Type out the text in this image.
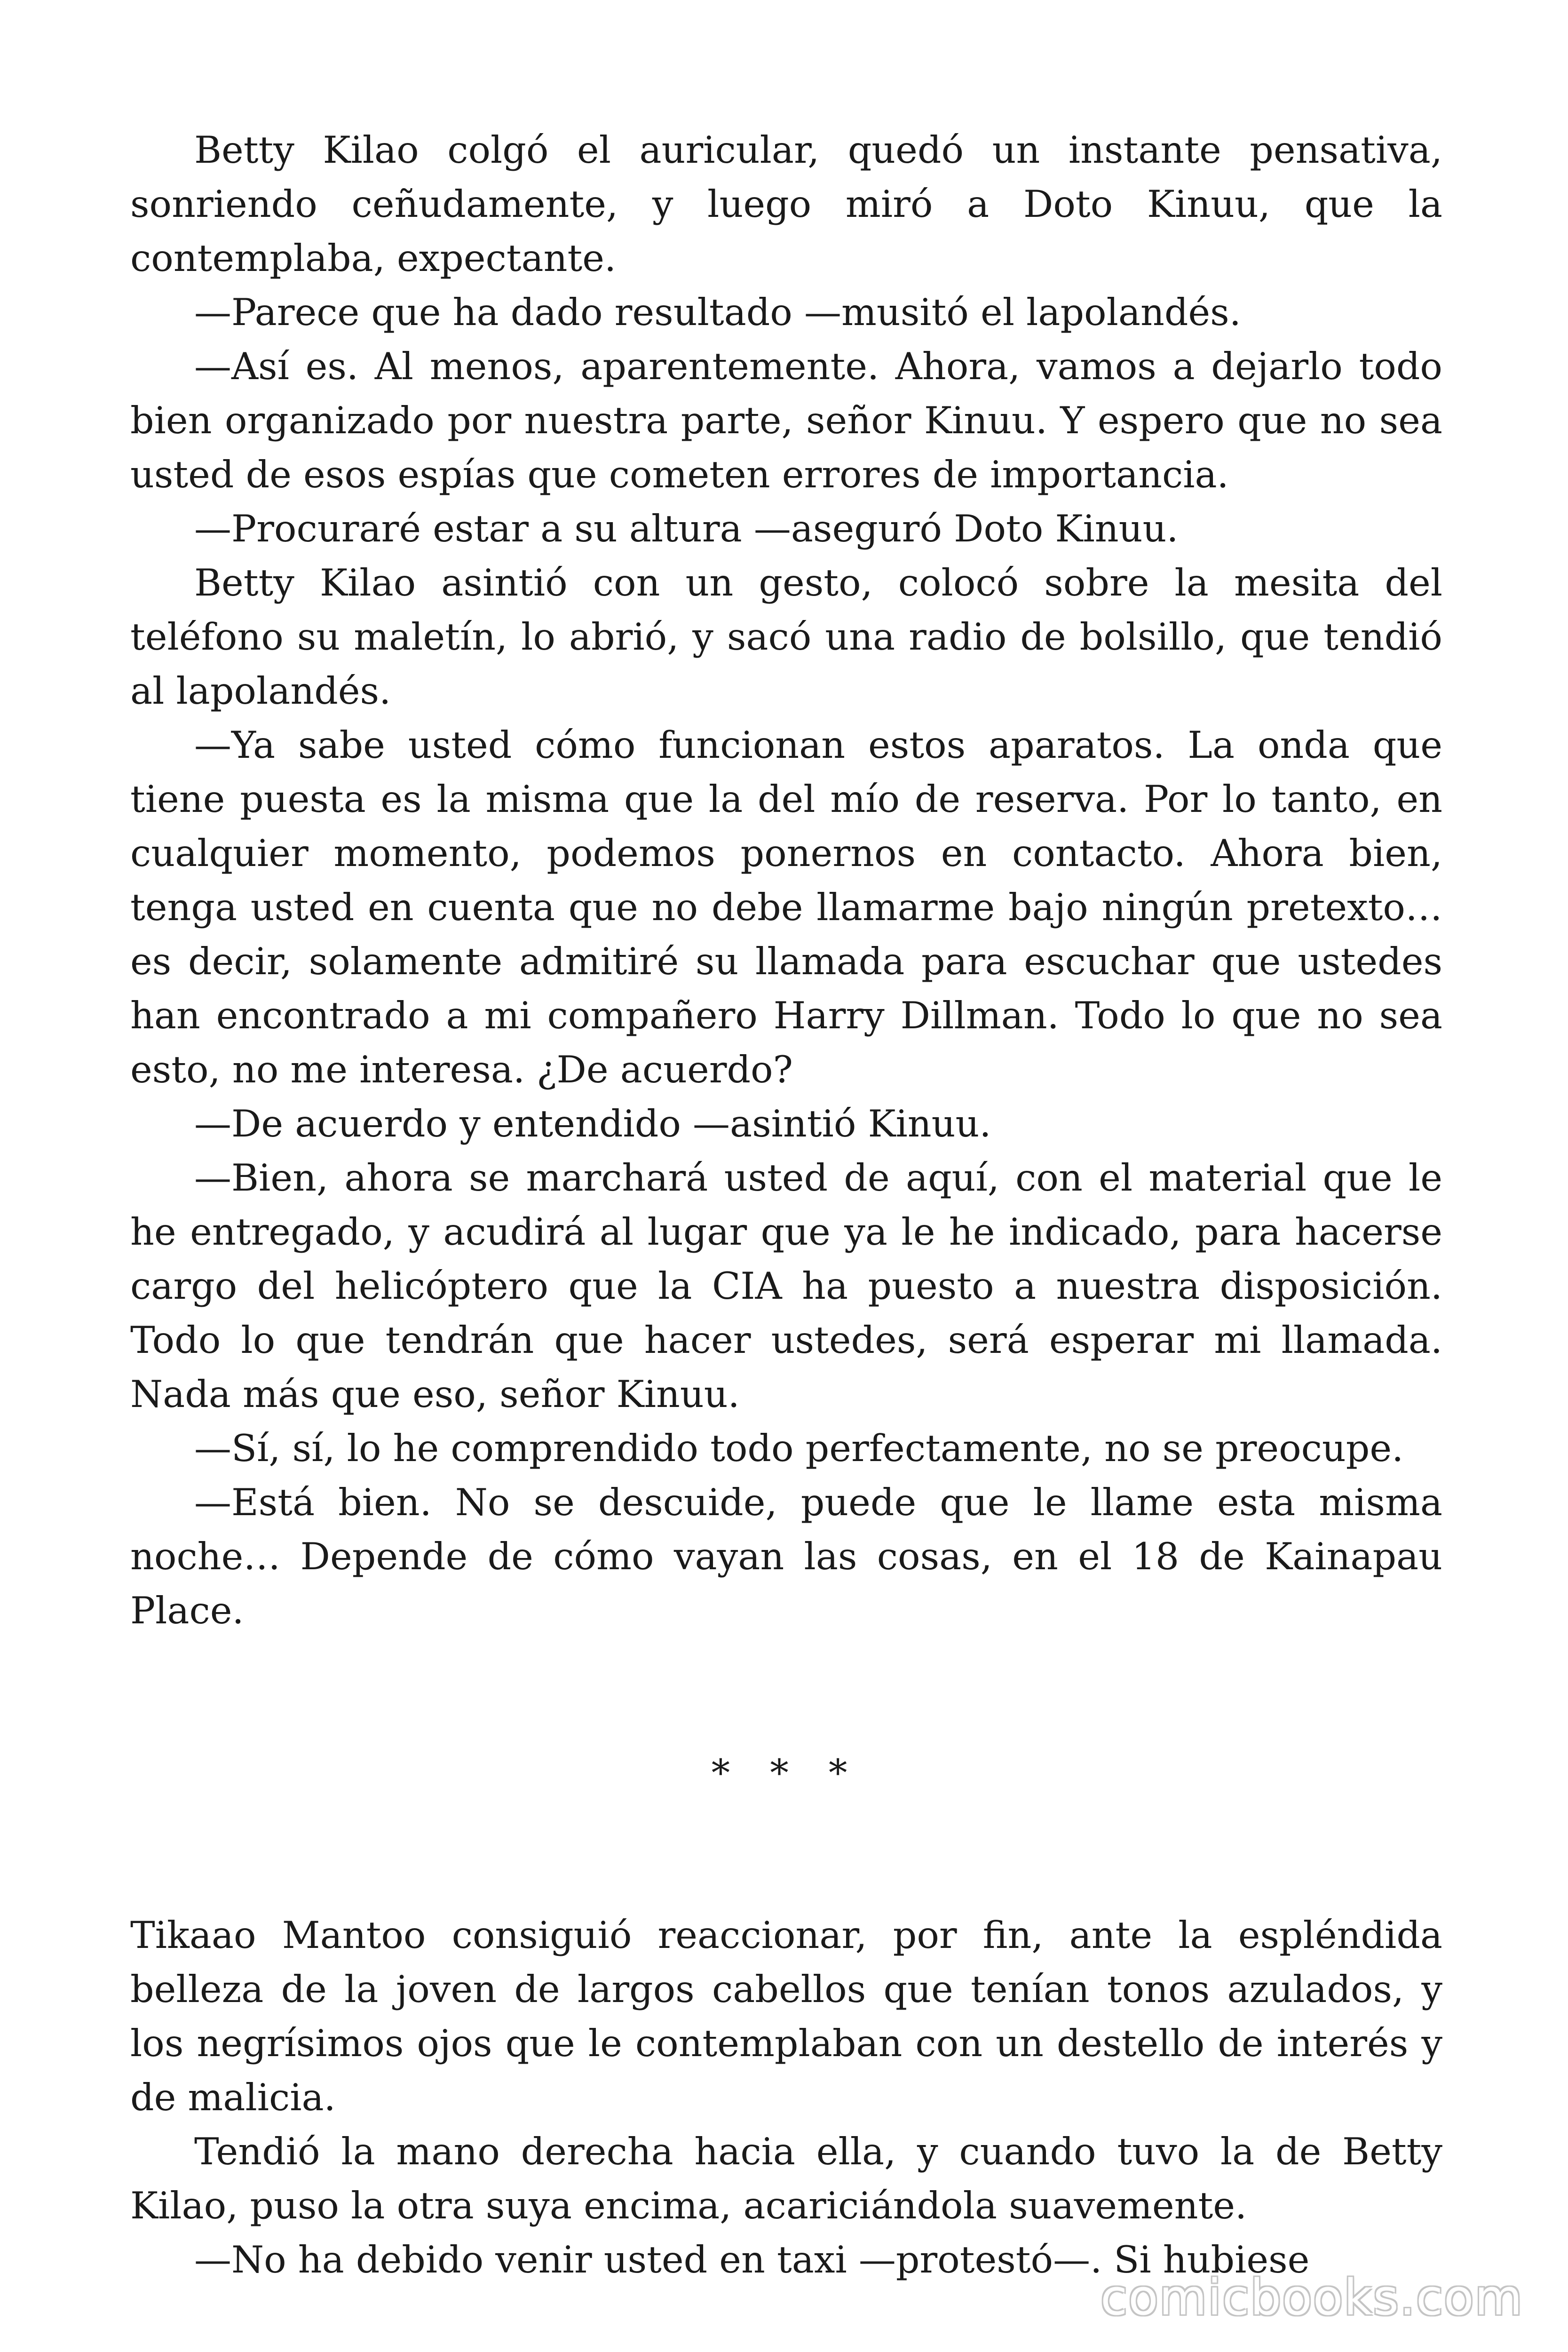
Betty Kilao colgó el auricular, quedó un instante pensativa, sonriendo ceñudamente, y luego miró a Doto Kinuu, que la contemplaba, expectante.

—Parece que ha dado resultado —musitó el lapolandés.

—Así es. Al menos, aparentemente. Ahora, vamos a dejarlo todo bien organizado por nuestra parte, señor Kinuu. Y espero que no sea usted de esos espías que cometen errores de importancia.

—Procuraré estar a su altura —aseguró Doto Kinuu.

Betty Kilao asintió con un gesto, colocó sobre la mesita del teléfono su maletín, lo abrió, y sacó una radio de bolsillo, que tendió al lapolandés.

—Ya sabe usted cómo funcionan estos aparatos. La onda que tiene puesta es la misma que la del mío de reserva. Por lo tanto, en cualquier momento, podemos ponernos en contacto. Ahora bien, tenga usted en cuenta que no debe llamarme bajo ningún pretexto… es decir, solamente admitiré su llamada para escuchar que ustedes han encontrado a mi compañero Harry Dillman. Todo lo que no sea esto, no me interesa. ¿De acuerdo?

—De acuerdo y entendido —asintió Kinuu.

—Bien, ahora se marchará usted de aquí, con el material que le he entregado, y acudirá al lugar que ya le he indicado, para hacerse cargo del helicóptero que la CIA ha puesto a nuestra disposición. Todo lo que tendrán que hacer ustedes, será esperar mi llamada. Nada más que eso, señor Kinuu.

—Sí, sí, lo he comprendido todo perfectamente, no se preocupe.

—Está bien. No se descuide, puede que le llame esta misma noche… Depende de cómo vayan las cosas, en el 18 de Kainapau Place.

* * *

Tikaao Mantoo consiguió reaccionar, por fin, ante la espléndida belleza de la joven de largos cabellos que tenían tonos azulados, y los negrísimos ojos que le contemplaban con un destello de interés y de malicia.

Tendió la mano derecha hacia ella, y cuando tuvo la de Betty Kilao, puso la otra suya encima, acariciándola suavemente.

—No ha debido venir usted en taxi —protestó—. Si hubiese

comicbooks.com
